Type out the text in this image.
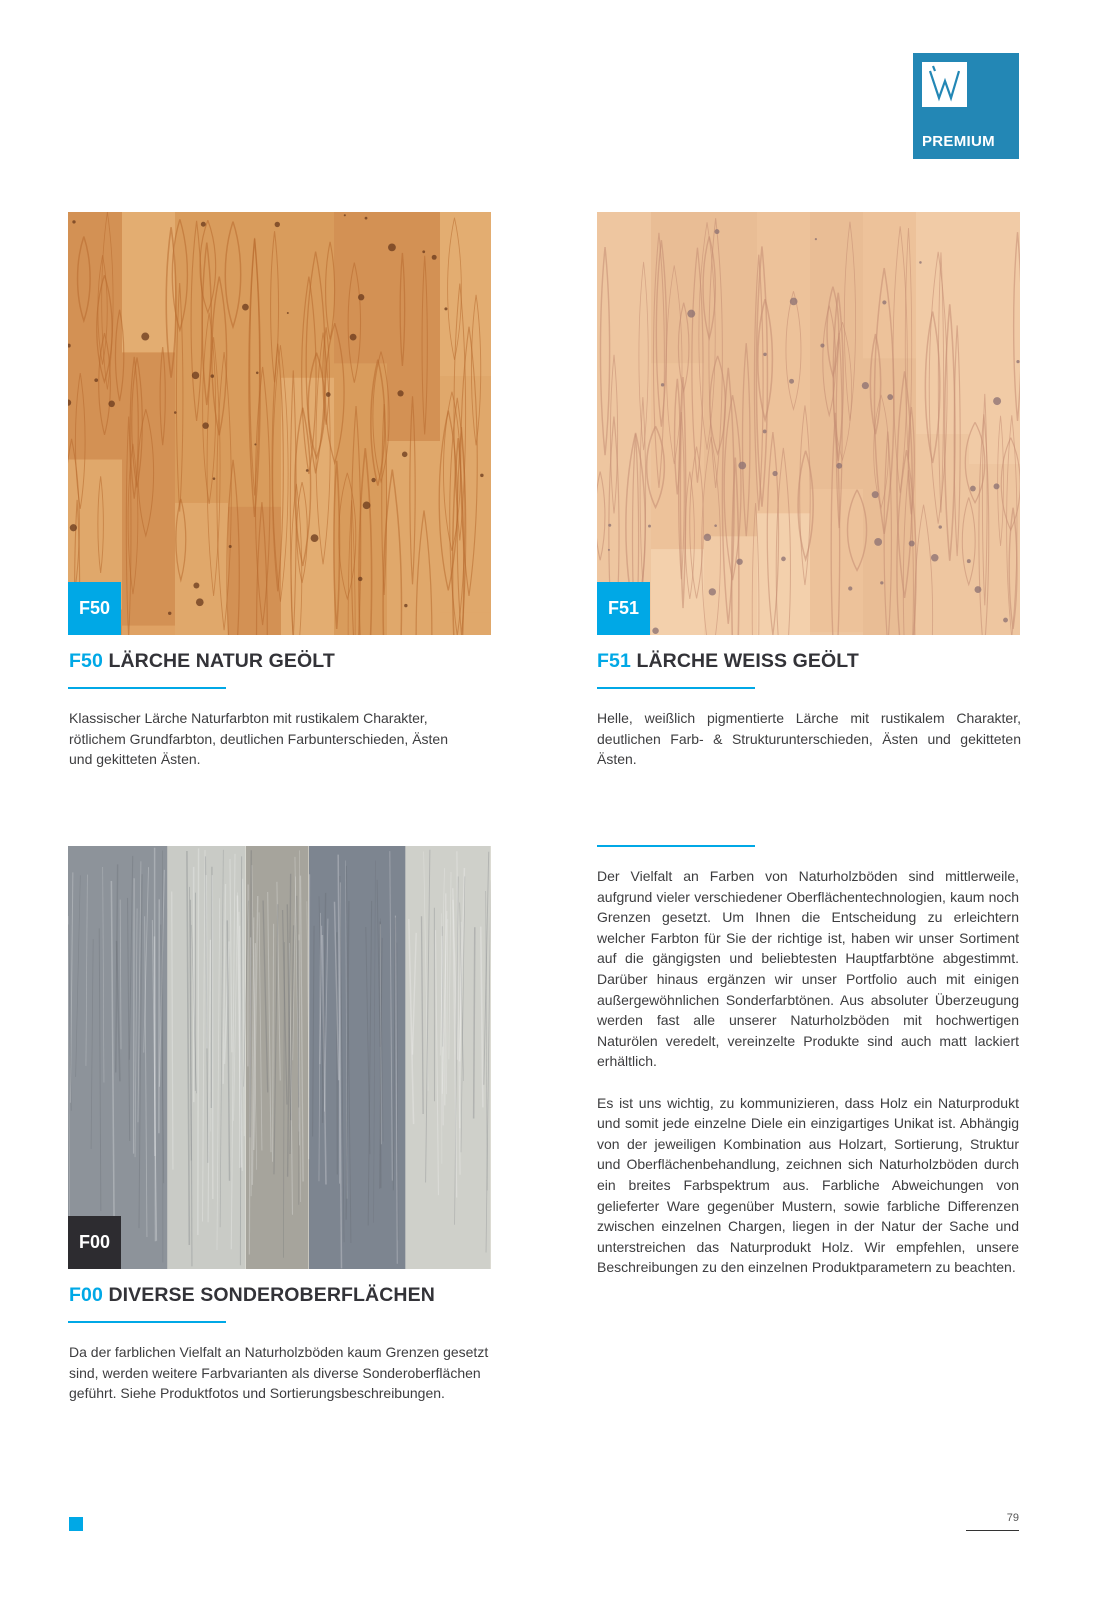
PREMIUM
F50
F50 LÄRCHE NATUR GEÖLT
Klassischer Lärche Naturfarbton mit rustikalem Charakter, rötlichem Grundfarbton, deutlichen Farbunterschieden, Ästen und gekitteten Ästen.
F51
F51 LÄRCHE WEISS GEÖLT
Helle, weißlich pigmentierte Lärche mit rustikalem Charakter, deutlichen Farb- & Strukturunterschieden, Ästen und gekitteten Ästen.
F00
F00 DIVERSE SONDEROBERFLÄCHEN
Da der farblichen Vielfalt an Naturholzböden kaum Grenzen gesetzt sind, werden weitere Farbvarianten als diverse Sonderoberflächen geführt. Siehe Produktfotos und Sortierungsbeschreibungen.

Der Vielfalt an Farben von Naturholzböden sind mittlerweile, aufgrund vieler verschiedener Oberflächentechnologien, kaum noch Grenzen gesetzt. Um Ihnen die Entscheidung zu erleichtern welcher Farbton für Sie der richtige ist, haben wir unser Sortiment auf die gängigsten und beliebtesten Hauptfarbtöne abgestimmt. Darüber hinaus ergänzen wir unser Portfolio auch mit einigen außergewöhnlichen Sonderfarbtönen. Aus absoluter Überzeugung werden fast alle unserer Naturholzböden mit hochwertigen Naturölen veredelt, vereinzelte Produkte sind auch matt lackiert erhältlich.

Es ist uns wichtig, zu kommunizieren, dass Holz ein Naturprodukt und somit jede einzelne Diele ein einzigartiges Unikat ist. Abhängig von der jeweiligen Kombination aus Holzart, Sortierung, Struktur und Oberflächenbehandlung, zeichnen sich Naturholzböden durch ein breites Farbspektrum aus. Farbliche Abweichungen von gelieferter Ware gegenüber Mustern, sowie farbliche Differenzen zwischen einzelnen Chargen, liegen in der Natur der Sache und unterstreichen das Naturprodukt Holz. Wir empfehlen, unsere Beschreibungen zu den einzelnen Produktparametern zu beachten.

79
